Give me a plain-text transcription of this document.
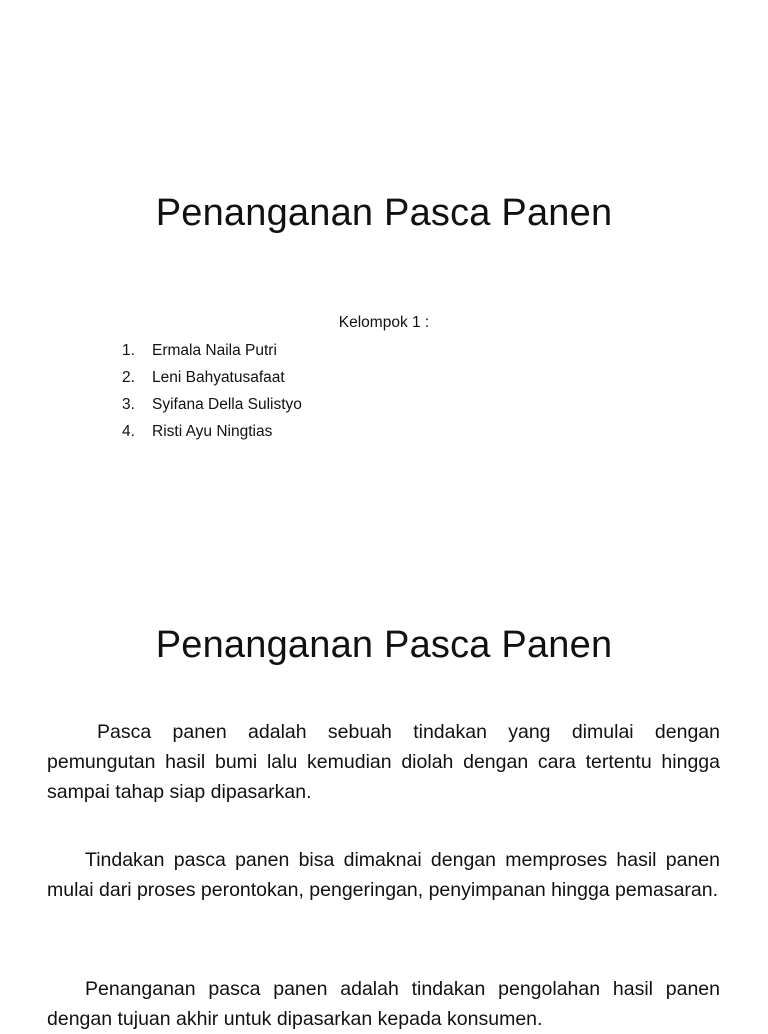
Penanganan Pasca Panen
Kelompok 1 :
1.	Ermala Naila Putri
2.	Leni Bahyatusafaat
3.	Syifana Della Sulistyo
4.	Risti Ayu Ningtias
Penanganan Pasca Panen

Pasca panen adalah sebuah tindakan yang dimulai dengan pemungutan hasil bumi lalu kemudian diolah dengan cara tertentu hingga sampai tahap siap dipasarkan.

Tindakan pasca panen bisa dimaknai dengan memproses hasil panen mulai dari proses perontokan, pengeringan, penyimpanan hingga pemasaran.

Penanganan pasca panen adalah tindakan pengolahan hasil panen dengan tujuan akhir untuk dipasarkan kepada konsumen.
